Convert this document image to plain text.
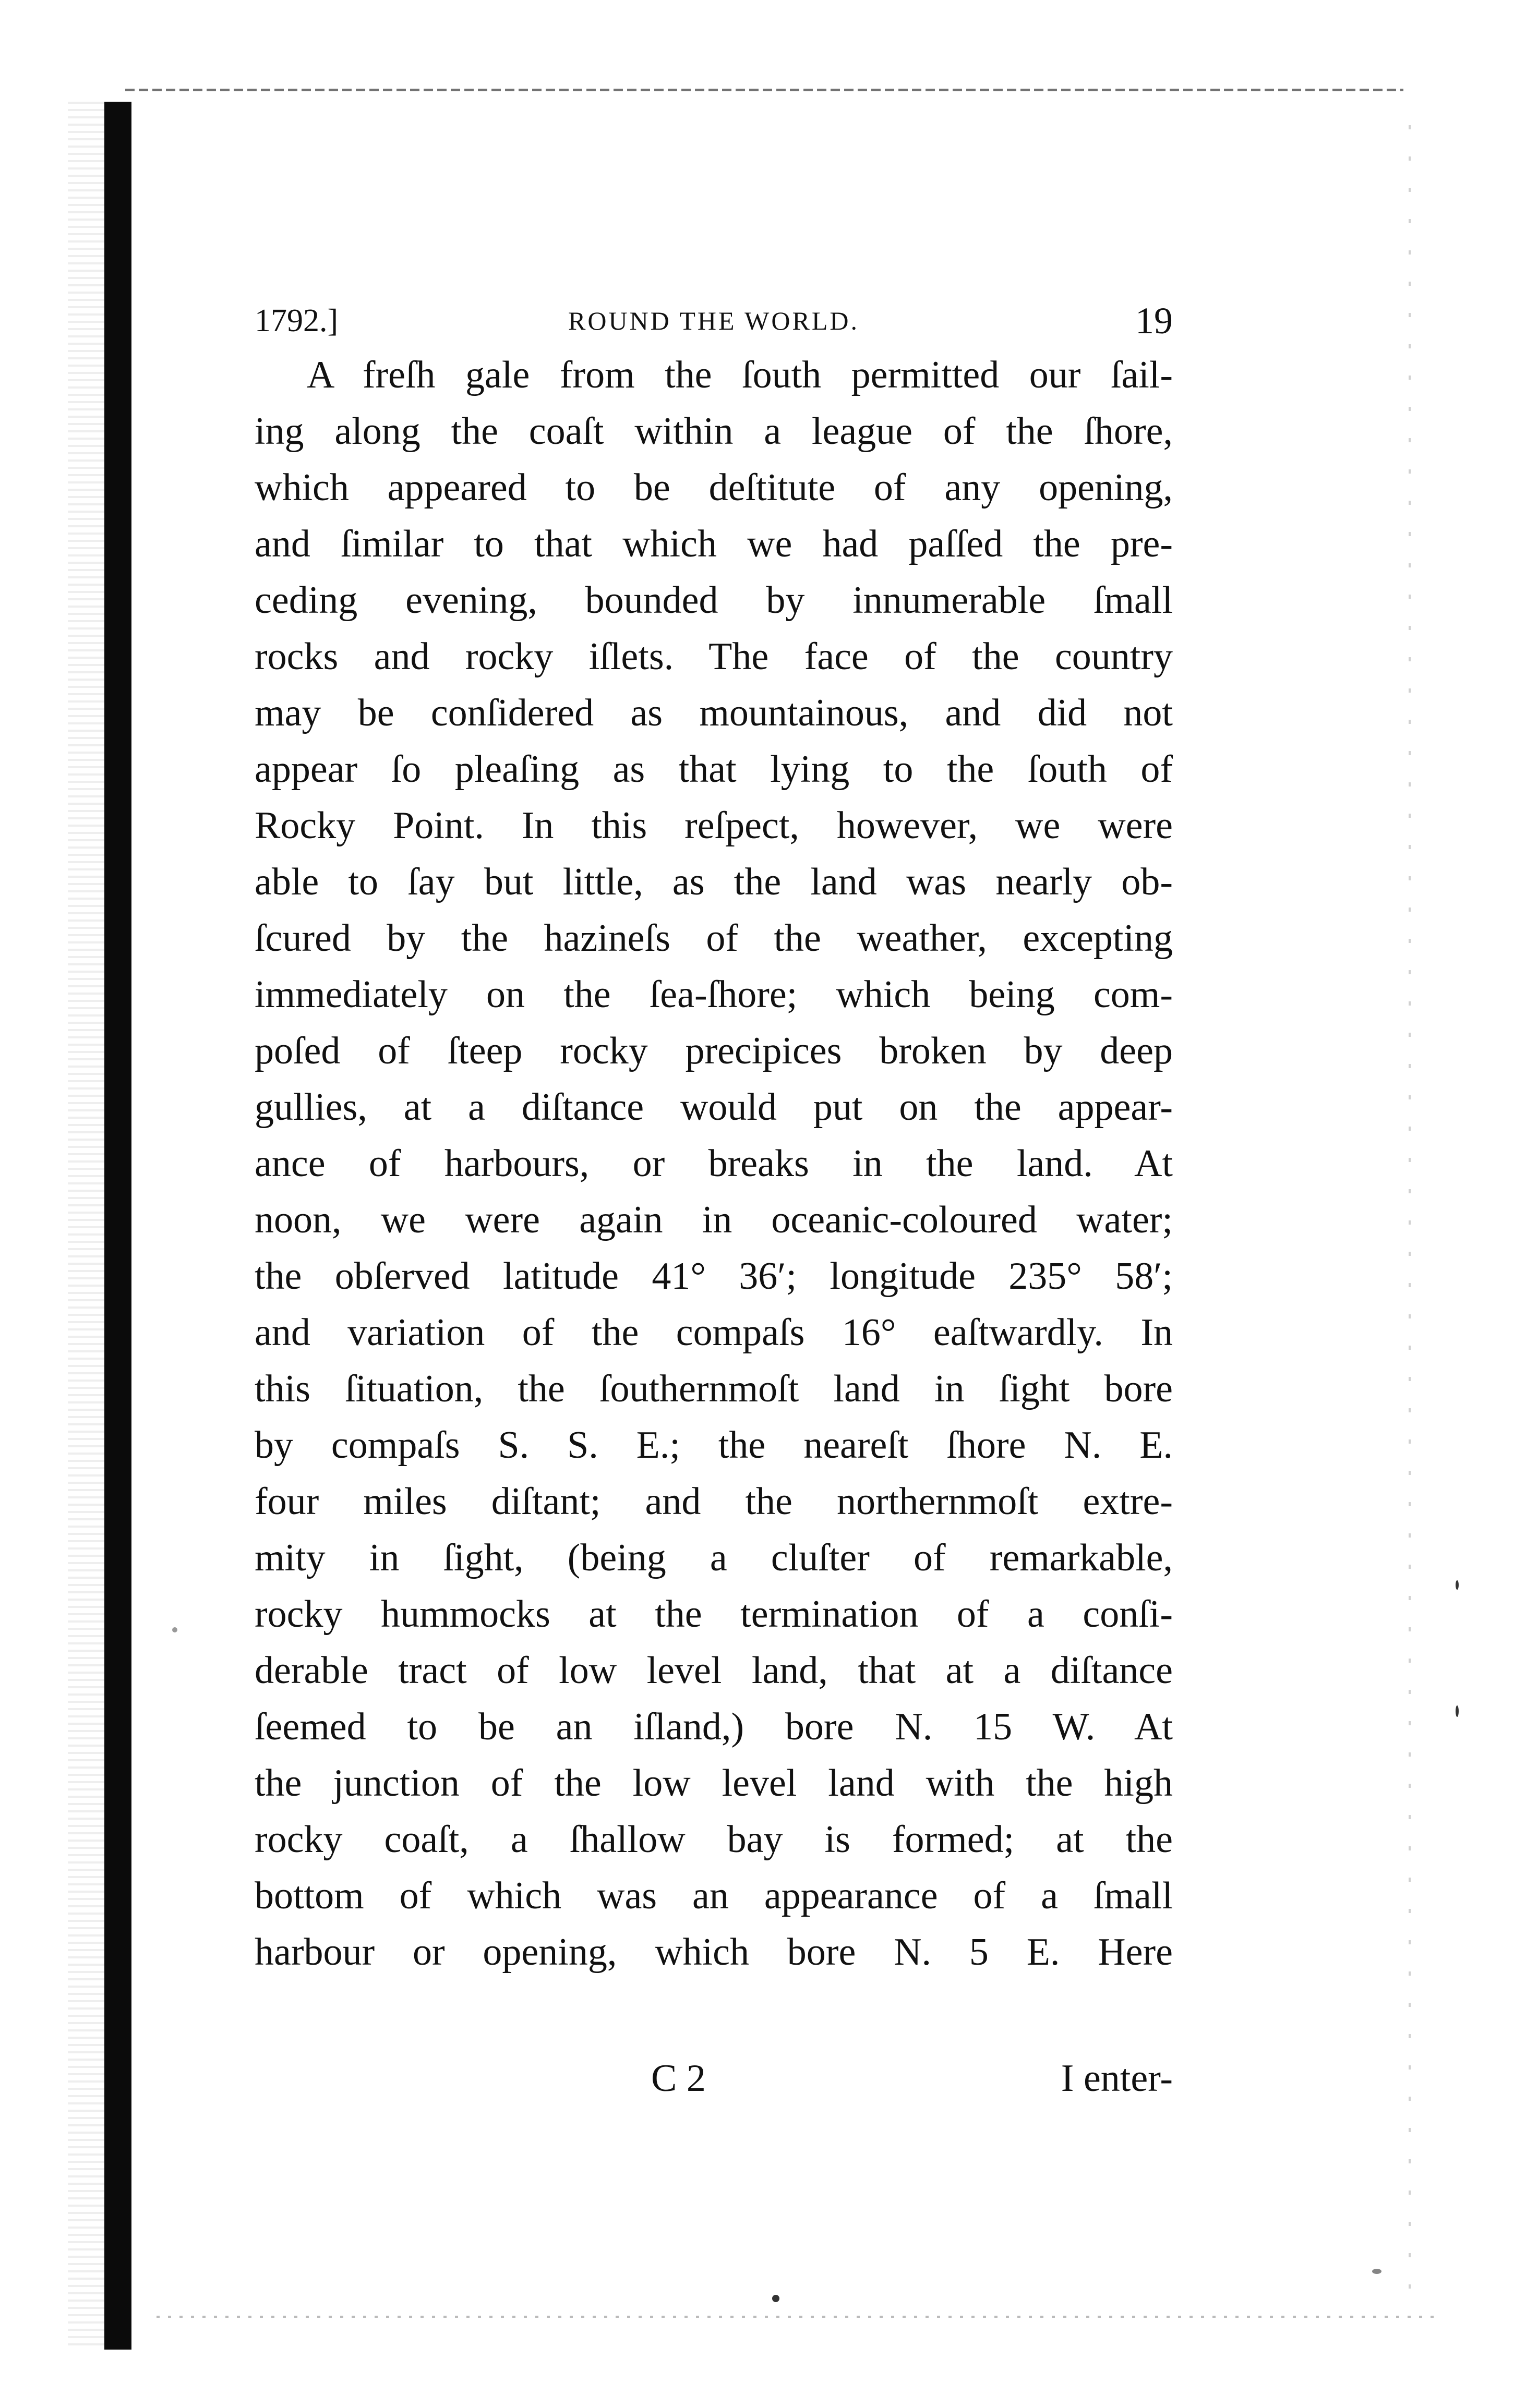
1792.]	ROUND THE WORLD.	19
A freſh gale from the ſouth permitted our ſail-
ing along the coaſt within a league of the ſhore,
which appeared to be deſtitute of any opening,
and ſimilar to that which we had paſſed the pre-
ceding evening, bounded by innumerable ſmall
rocks and rocky iſlets. The face of the country
may be conſidered as mountainous, and did not
appear ſo pleaſing as that lying to the ſouth of
Rocky Point. In this reſpect, however, we were
able to ſay but little, as the land was nearly ob-
ſcured by the hazineſs of the weather, excepting
immediately on the ſea-ſhore; which being com-
poſed of ſteep rocky precipices broken by deep
gullies, at a diſtance would put on the appear-
ance of harbours, or breaks in the land. At
noon, we were again in oceanic-coloured water;
the obſerved latitude 41° 36′; longitude 235° 58′;
and variation of the compaſs 16° eaſtwardly. In
this ſituation, the ſouthernmoſt land in ſight bore
by compaſs S. S. E.; the neareſt ſhore N. E.
four miles diſtant; and the northernmoſt extre-
mity in ſight, (being a cluſter of remarkable,
rocky hummocks at the termination of a conſi-
derable tract of low level land, that at a diſtance
ſeemed to be an iſland,) bore N. 15 W. At
the junction of the low level land with the high
rocky coaſt, a ſhallow bay is formed; at the
bottom of which was an appearance of a ſmall
harbour or opening, which bore N. 5 E. Here
C 2	I enter-
